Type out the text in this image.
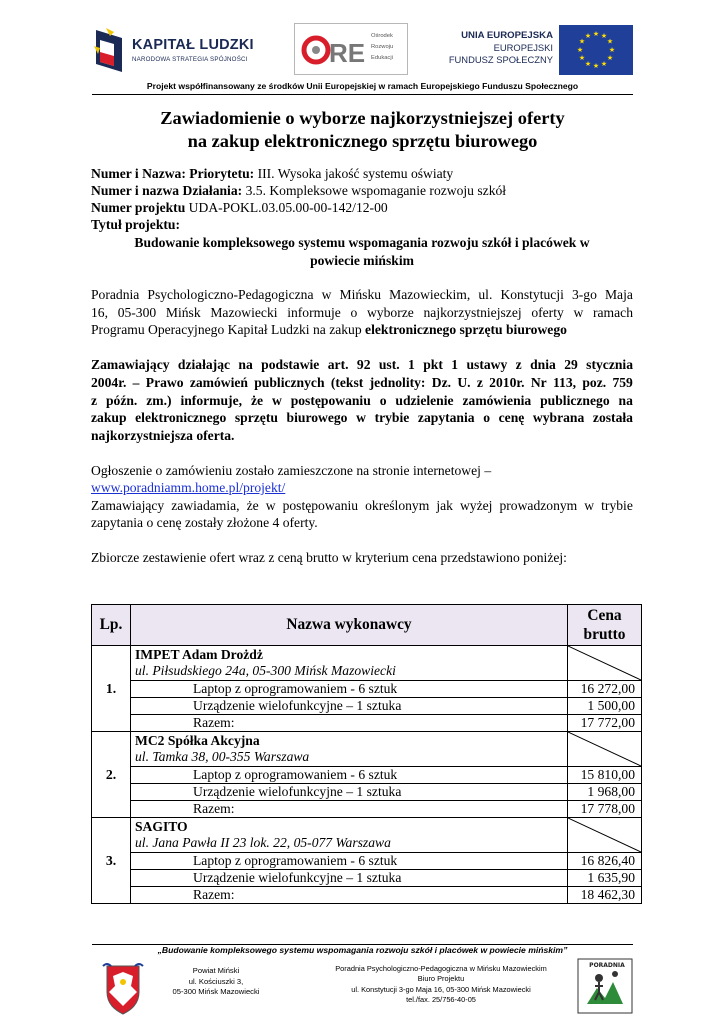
KAPITAŁ LUDZKI
NARODOWA STRATEGIA SPÓJNOŚCI	RE
Ośrodek
Rozwoju
Edukacji
UNIA EUROPEJSKA
EUROPEJSKI
FUNDUSZ SPOŁECZNY
★ ★
★
★
★
★
★
★
★
★
★
★
Projekt współfinansowany ze środków Unii Europejskiej w ramach Europejskiego Funduszu Społecznego
Zawiadomienie o wyborze najkorzystniejszej oferty
na zakup elektronicznego sprzętu biurowego
Numer i Nazwa: Priorytetu: III. Wysoka jakość systemu oświaty
Numer i nazwa Działania: 3.5. Kompleksowe wspomaganie rozwoju szkół
Numer projektu UDA-POKL.03.05.00-00-142/12-00
Tytuł projektu:
Budowanie kompleksowego systemu wspomagania rozwoju szkół i placówek w
powiecie mińskim
Poradnia Psychologiczno-Pedagogiczna w Mińsku Mazowieckim, ul. Konstytucji 3-go Maja
16, 05-300 Mińsk Mazowiecki informuje o wyborze najkorzystniejszej oferty w ramach
Programu Operacyjnego Kapitał Ludzki na zakup elektronicznego sprzętu biurowego
Zamawiający działając na podstawie art. 92 ust. 1 pkt 1 ustawy z dnia 29 stycznia
2004r. – Prawo zamówień publicznych (tekst jednolity: Dz. U. z 2010r. Nr 113, poz. 759
z późn. zm.) informuje, że w postępowaniu o udzielenie zamówienia publicznego na
zakup elektronicznego sprzętu biurowego w trybie zapytania o cenę wybrana została
najkorzystniejsza oferta.
Ogłoszenie o zamówieniu zostało zamieszczone na stronie internetowej –
www.poradniamm.home.pl/projekt/
Zamawiający zawiadamia, że w postępowaniu określonym jak wyżej prowadzonym w trybie
zapytania o cenę zostały złożone 4 oferty.
Zbiorcze zestawienie ofert wraz z ceną brutto w kryterium cena przedstawiono poniżej:
Lp.	Nazwa wykonawcy	Cena
brutto

1.	IMPET Adam Drożdż
ul. Piłsudskiego 24a, 05-300 Mińsk Mazowiecki

	Laptop z oprogramowaniem - 6 sztuk	16 272,00
	Urządzenie wielofunkcyjne – 1 sztuka	1 500,00
	Razem:	17 772,00
2.	MC2 Spółka Akcyjna
ul. Tamka 38, 00-355 Warszawa

	Laptop z oprogramowaniem - 6 sztuk	15 810,00
	Urządzenie wielofunkcyjne – 1 sztuka	1 968,00
	Razem:	17 778,00
3.	SAGITO
ul. Jana Pawła II 23 lok. 22, 05-077 Warszawa

	Laptop z oprogramowaniem - 6 sztuk	16 826,40
	Urządzenie wielofunkcyjne – 1 sztuka	1 635,90
	Razem:	18 462,30
„Budowanie kompleksowego systemu wspomagania rozwoju szkół i placówek w powiecie mińskim”
Powiat Miński
ul. Kościuszki 3,
05-300 Mińsk Mazowiecki
Poradnia Psychologiczno-Pedagogiczna w Mińsku Mazowieckim
Biuro Projektu
ul. Konstytucji 3-go Maja 16, 05-300 Mińsk Mazowiecki
tel./fax. 25/756-40-05
PORADNIA
